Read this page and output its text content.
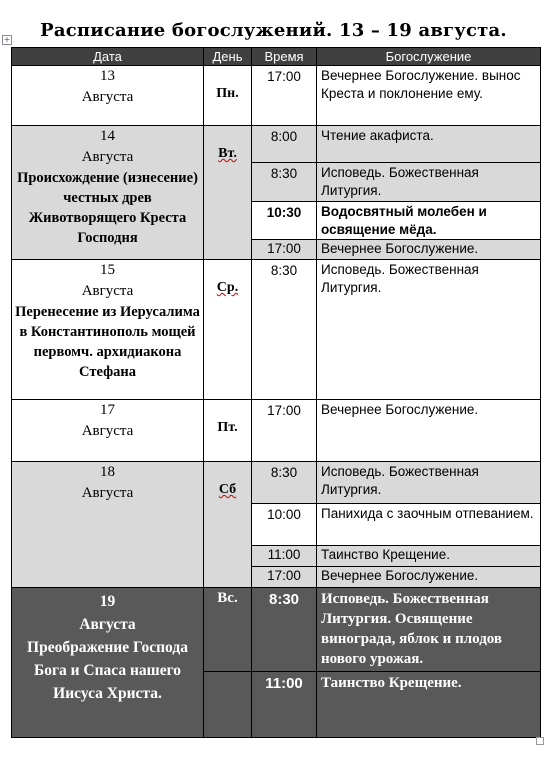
Расписание богослужений. 13 – 19 августа.
+
Дата	День	Время	Богослужение

13
Августа	Пн.	17:00	Вечернее Богослужение. вынос Креста и поклонение ему.

14
Августа
Происхождение (изнесение) честных древ Животворящего Креста Господня	Вт.	8:00	Чтение акафиста.
		8:30	Исповедь. Божественная Литургия.
		10:30	Водосвятный молебен и освящение мёда.
		17:00	Вечернее Богослужение.

15
Августа
Перенесение из Иерусалима в Константинополь мощей первомч. архидиакона Стефана	Ср.	8:30	Исповедь. Божественная Литургия.

17
Августа	Пт.	17:00	Вечернее Богослужение.

18
Августа	Сб	8:30	Исповедь. Божественная Литургия.
		10:00	Панихида с заочным отпеванием.
		11:00	Таинство Крещение.
		17:00	Вечернее Богослужение.

19
Августа
Преображение Господа Бога и Спаса нашего Иисуса Христа.	Вс.	8:30	Исповедь. Божественная Литургия. Освящение винограда, яблок и плодов нового урожая.
		11:00	Таинство Крещение.
